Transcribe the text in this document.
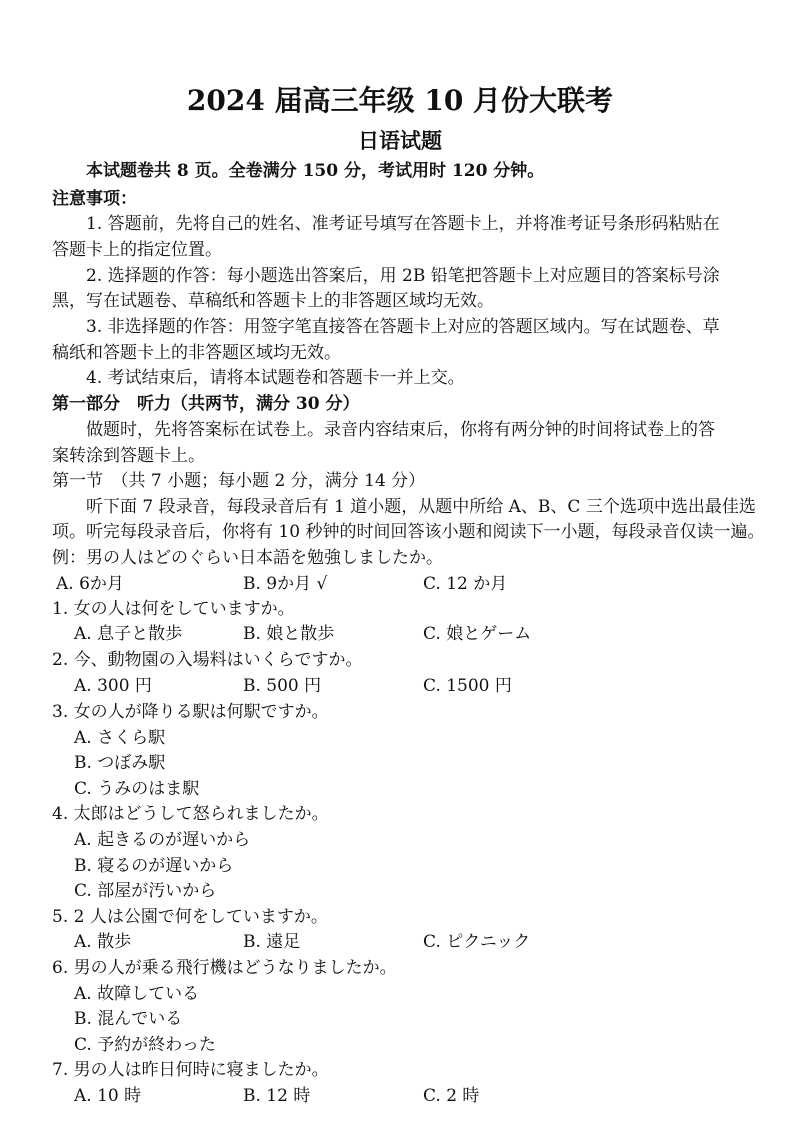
2024 届高三年级 10 月份大联考
日语试题
本试题卷共 8 页。全卷满分 150 分，考试用时 120 分钟。
注意事项：
1. 答题前，先将自己的姓名、准考证号填写在答题卡上，并将准考证号条形码粘贴在
答题卡上的指定位置。
2. 选择题的作答：每小题选出答案后，用 2B 铅笔把答题卡上对应题目的答案标号涂
黑，写在试题卷、草稿纸和答题卡上的非答题区域均无效。
3. 非选择题的作答：用签字笔直接答在答题卡上对应的答题区域内。写在试题卷、草
稿纸和答题卡上的非答题区域均无效。
4. 考试结束后，请将本试题卷和答题卡一并上交。
第一部分　听力（共两节，满分 30 分）
做题时，先将答案标在试卷上。录音内容结束后，你将有两分钟的时间将试卷上的答
案转涂到答题卡上。
第一节　（共 7 小题；每小题 2 分，满分 14 分）
听下面 7 段录音，每段录音后有 1 道小题，从题中所给 A、B、C 三个选项中选出最佳选
项。听完每段录音后，你将有 10 秒钟的时间回答该小题和阅读下一小题，每段录音仅读一遍。
例：男の人はどのぐらい日本語を勉強しましたか。
A. 6か月	B. 9か月 √	C. 12 か月
1. 女の人は何をしていますか。
A. 息子と散歩	B. 娘と散歩	C. 娘とゲーム
2. 今、動物園の入場料はいくらですか。
A. 300 円	B. 500 円	C. 1500 円
3. 女の人が降りる駅は何駅ですか。
A. さくら駅
B. つぼみ駅
C. うみのはま駅
4. 太郎はどうして怒られましたか。
A. 起きるのが遅いから
B. 寝るのが遅いから
C. 部屋が汚いから
5. 2 人は公園で何をしていますか。
A. 散歩	B. 遠足	C. ピクニック
6. 男の人が乗る飛行機はどうなりましたか。
A. 故障している
B. 混んでいる
C. 予約が終わった
7. 男の人は昨日何時に寝ましたか。
A. 10 時	B. 12 時	C. 2 時
